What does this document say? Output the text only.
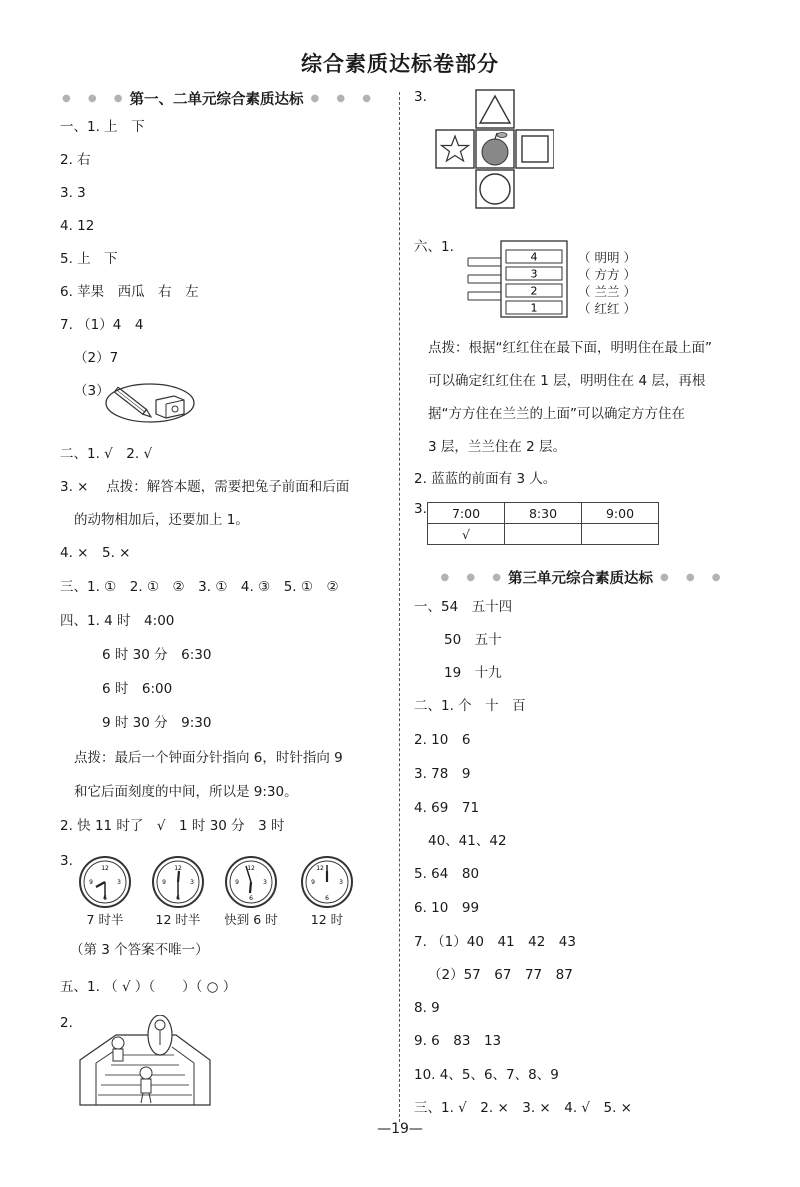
综合素质达标卷部分
● ● ● 第一、二单元综合素质达标 ● ● ●
一、1. 上　下
2. 右
3. 3
4. 12
5. 上　下
6. 苹果　西瓜　右　左
7. （1）4　4
（2）7
（3）
二、1. √　2. √
3. ×　 点拨：解答本题，需要把兔子前面和后面
的动物相加后，还要加上 1。
4. ×　5. ×
三、1. ①　2. ①　②　3. ①　4. ③　5. ①　②
四、1. 4 时　4:00
6 时 30 分　6:30
6 时　6:00
9 时 30 分　9:30
点拨：最后一个钟面分针指向 6，时针指向 9
和它后面刻度的中间，所以是 9:30。
2. 快 11 时了　√　1 时 30 分　3 时
3.	12
3
6
9
12
3
6
9
12
3
6
9
12
3
6
9
7 时半	12 时半	快到 6 时	12 时
（第 3 个答案不唯一）
五、1. （ √ ）（　　）（ ○ ）
2.
3.
六、1.
4
3
2
1
（ 明明 ）
（ 方方 ）
（ 兰兰 ）
（ 红红 ）
点拨：根据“红红住在最下面，明明住在最上面”
可以确定红红住在 1 层，明明住在 4 层，再根
据“方方住在兰兰的上面”可以确定方方住在
3 层，兰兰住在 2 层。
2. 蓝蓝的前面有 3 人。
3. 7:00	8:30	9:00
√		
● ● ● 第三单元综合素质达标 ● ● ●
一、54　五十四
50　五十
19　十九
二、1. 个　十　百
2. 10　6
3. 78　9
4. 69　71
40、41、42
5. 64　80
6. 10　99
7. （1）40　41　42　43
（2）57　67　77　87
8. 9
9. 6　83　13
10. 4、5、6、7、8、9
三、1. √　2. ×　3. ×　4. √　5. ×
—19—
